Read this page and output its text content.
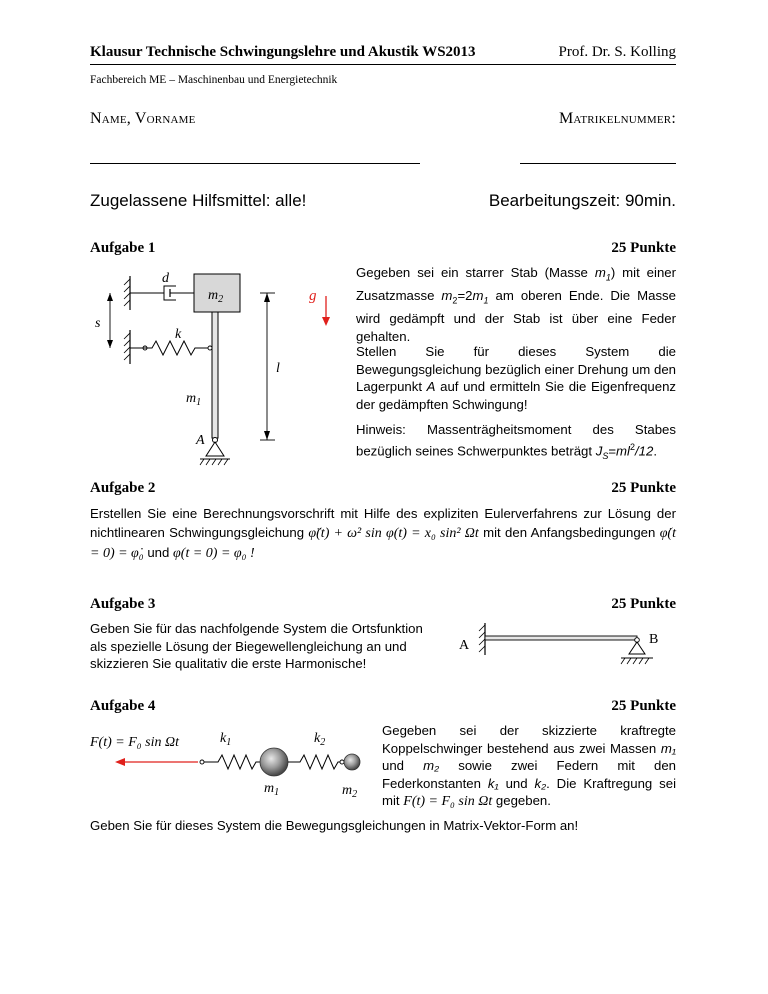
Klausur Technische Schwingungslehre und Akustik WS2013	Prof. Dr. S. Kolling
Fachbereich ME – Maschinenbau und Energietechnik
Name, Vorname	Matrikelnummer:
Zugelassene Hilfsmittel: alle!	Bearbeitungszeit: 90min.
Aufgabe 1	25 Punkte
d
$m_2$
A
s
k
$m_1$
l
g
Gegeben sei ein starrer Stab (Masse $m_1$) mit einer Zusatzmasse $m_2=2m_1$ am oberen Ende. Die Masse wird gedämpft und der Stab ist über eine Feder gehalten.
Stellen Sie für dieses System die Bewegungsgleichung bezüglich einer Drehung um den Lagerpunkt A auf und ermitteln Sie die Eigenfrequenz der gedämpften Schwingung!
Hinweis: Massenträgheitsmoment des Stabes bezüglich seines Schwerpunktes beträgt $J_S=ml^2/12$.
Aufgabe 2	25 Punkte
Erstellen Sie eine Berechnungsvorschrift mit Hilfe des expliziten Eulerverfahrens zur Lösung der nichtlinearen Schwingungsgleichung φ̈(t) + ω² sin φ(t) = x₀ sin² Ωt mit den Anfangsbedingungen φ̇(t = 0) = φ̇₀ und φ(t = 0) = φ₀ !
Aufgabe 3	25 Punkte
Geben Sie für das nachfolgende System die Ortsfunktion als spezielle Lösung der Biegewellengleichung an und skizzieren Sie qualitativ die erste Harmonische!
A	B
Aufgabe 4	25 Punkte
F(t) = F₀ sin Ωt	$k_1$
$m_1$
$k_2$
$m_2$
Gegeben sei der skizzierte kraftregte Koppelschwinger bestehend aus zwei Massen m₁ und m₂ sowie zwei Federn mit den Federkonstanten k₁ und k₂. Die Kraftregung sei mit F(t) = F₀ sin Ωt gegeben.
Geben Sie für dieses System die Bewegungsgleichungen in Matrix-Vektor-Form an!
